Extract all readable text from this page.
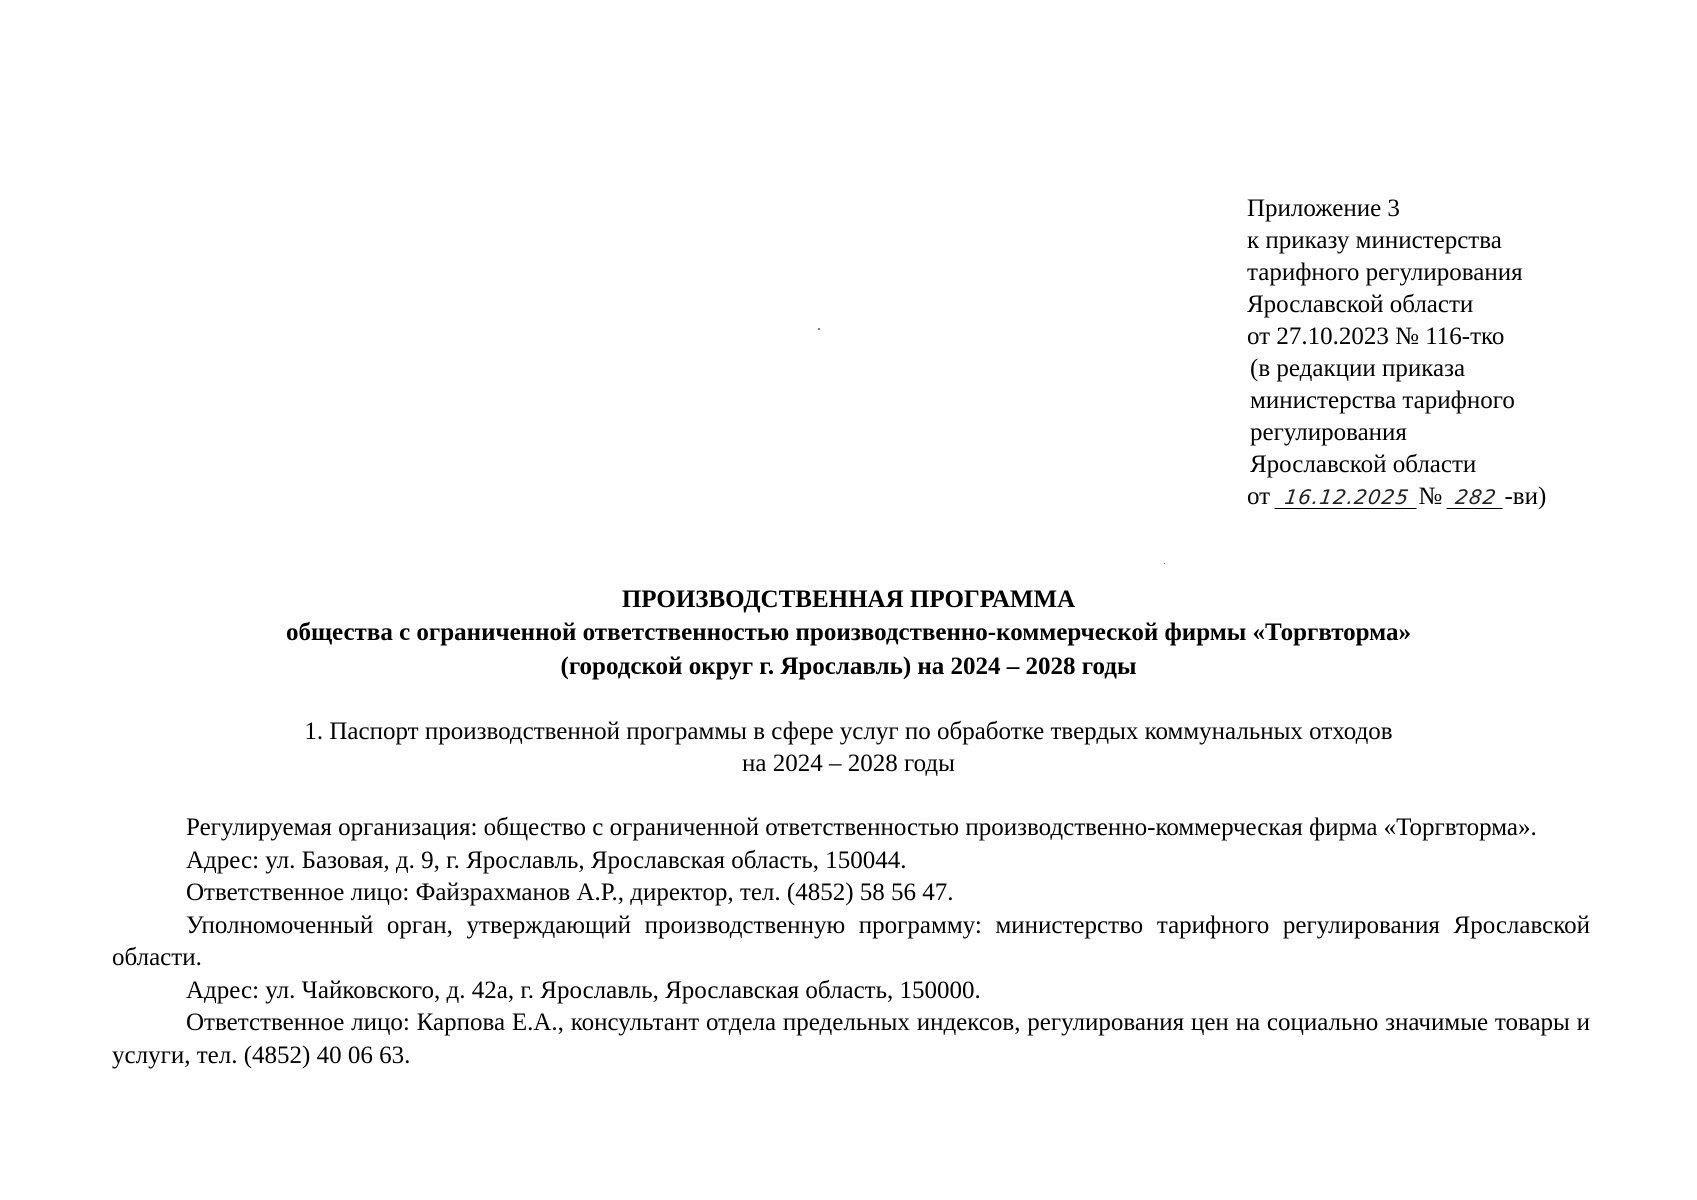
Приложение 3
к приказу министерства
тарифного регулирования
Ярославской области
от 27.10.2023 № 116-тко
(в редакции приказа
министерства тарифного
регулирования
Ярославской области
от 16.12.2025 № 282 -ви)
ПРОИЗВОДСТВЕННАЯ ПРОГРАММА
общества с ограниченной ответственностью производственно-коммерческой фирмы «Торгвторма»
(городской округ г. Ярославль) на 2024 – 2028 годы
1. Паспорт производственной программы в сфере услуг по обработке твердых коммунальных отходов
на 2024 – 2028 годы

Регулируемая организация: общество с ограниченной ответственностью производственно-коммерческая фирма «Торгвторма».

Адрес: ул. Базовая, д. 9, г. Ярославль, Ярославская область, 150044.

Ответственное лицо: Файзрахманов А.Р., директор, тел. (4852) 58 56 47.

Уполномоченный орган, утверждающий производственную программу: министерство тарифного регулирования Ярославской области.

Адрес: ул. Чайковского, д. 42а, г. Ярославль, Ярославская область, 150000.

Ответственное лицо: Карпова Е.А., консультант отдела предельных индексов, регулирования цен на социально значимые товары и услуги, тел. (4852) 40 06 63.
